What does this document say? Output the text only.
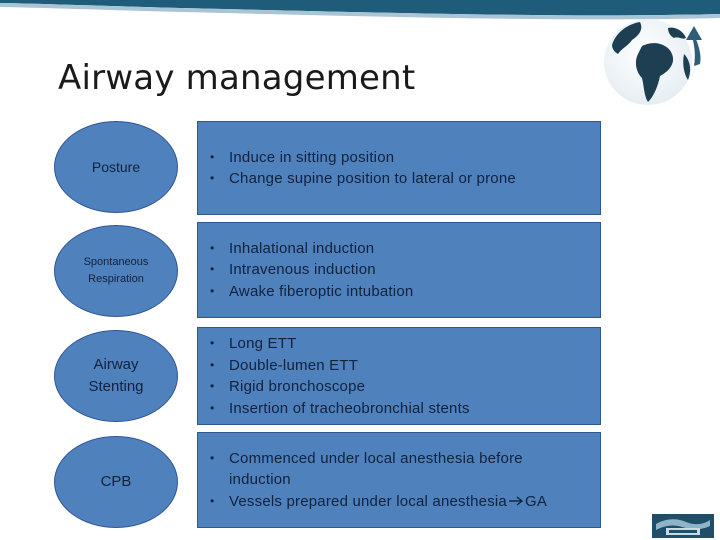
Airway management
Posture
• Induce in sitting position
• Change supine position to lateral or prone
Spontaneous
Respiration
• Inhalational induction
• Intravenous induction
• Awake fiberoptic intubation
Airway
Stenting
• Long ETT
• Double-lumen ETT
• Rigid bronchoscope
• Insertion of tracheobronchial stents
CPB
• Commenced under local anesthesia before induction
• Vessels prepared under local anesthesia GA
